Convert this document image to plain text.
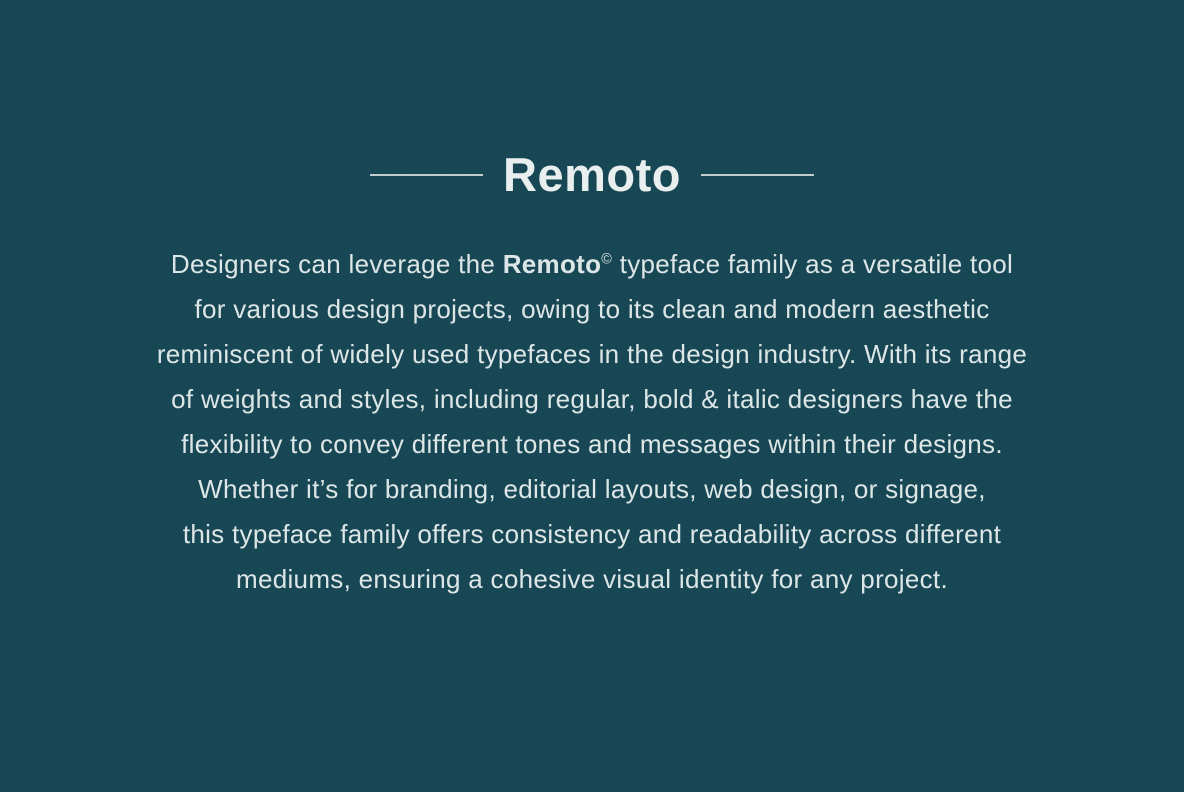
Remoto

Designers can leverage the Remoto© typeface family as a versatile tool
for various design projects, owing to its clean and modern aesthetic
reminiscent of widely used typefaces in the design industry. With its range
of weights and styles, including regular, bold & italic designers have the
flexibility to convey different tones and messages within their designs.
Whether it’s for branding, editorial layouts, web design, or signage,
this typeface family offers consistency and readability across different
mediums, ensuring a cohesive visual identity for any project.
